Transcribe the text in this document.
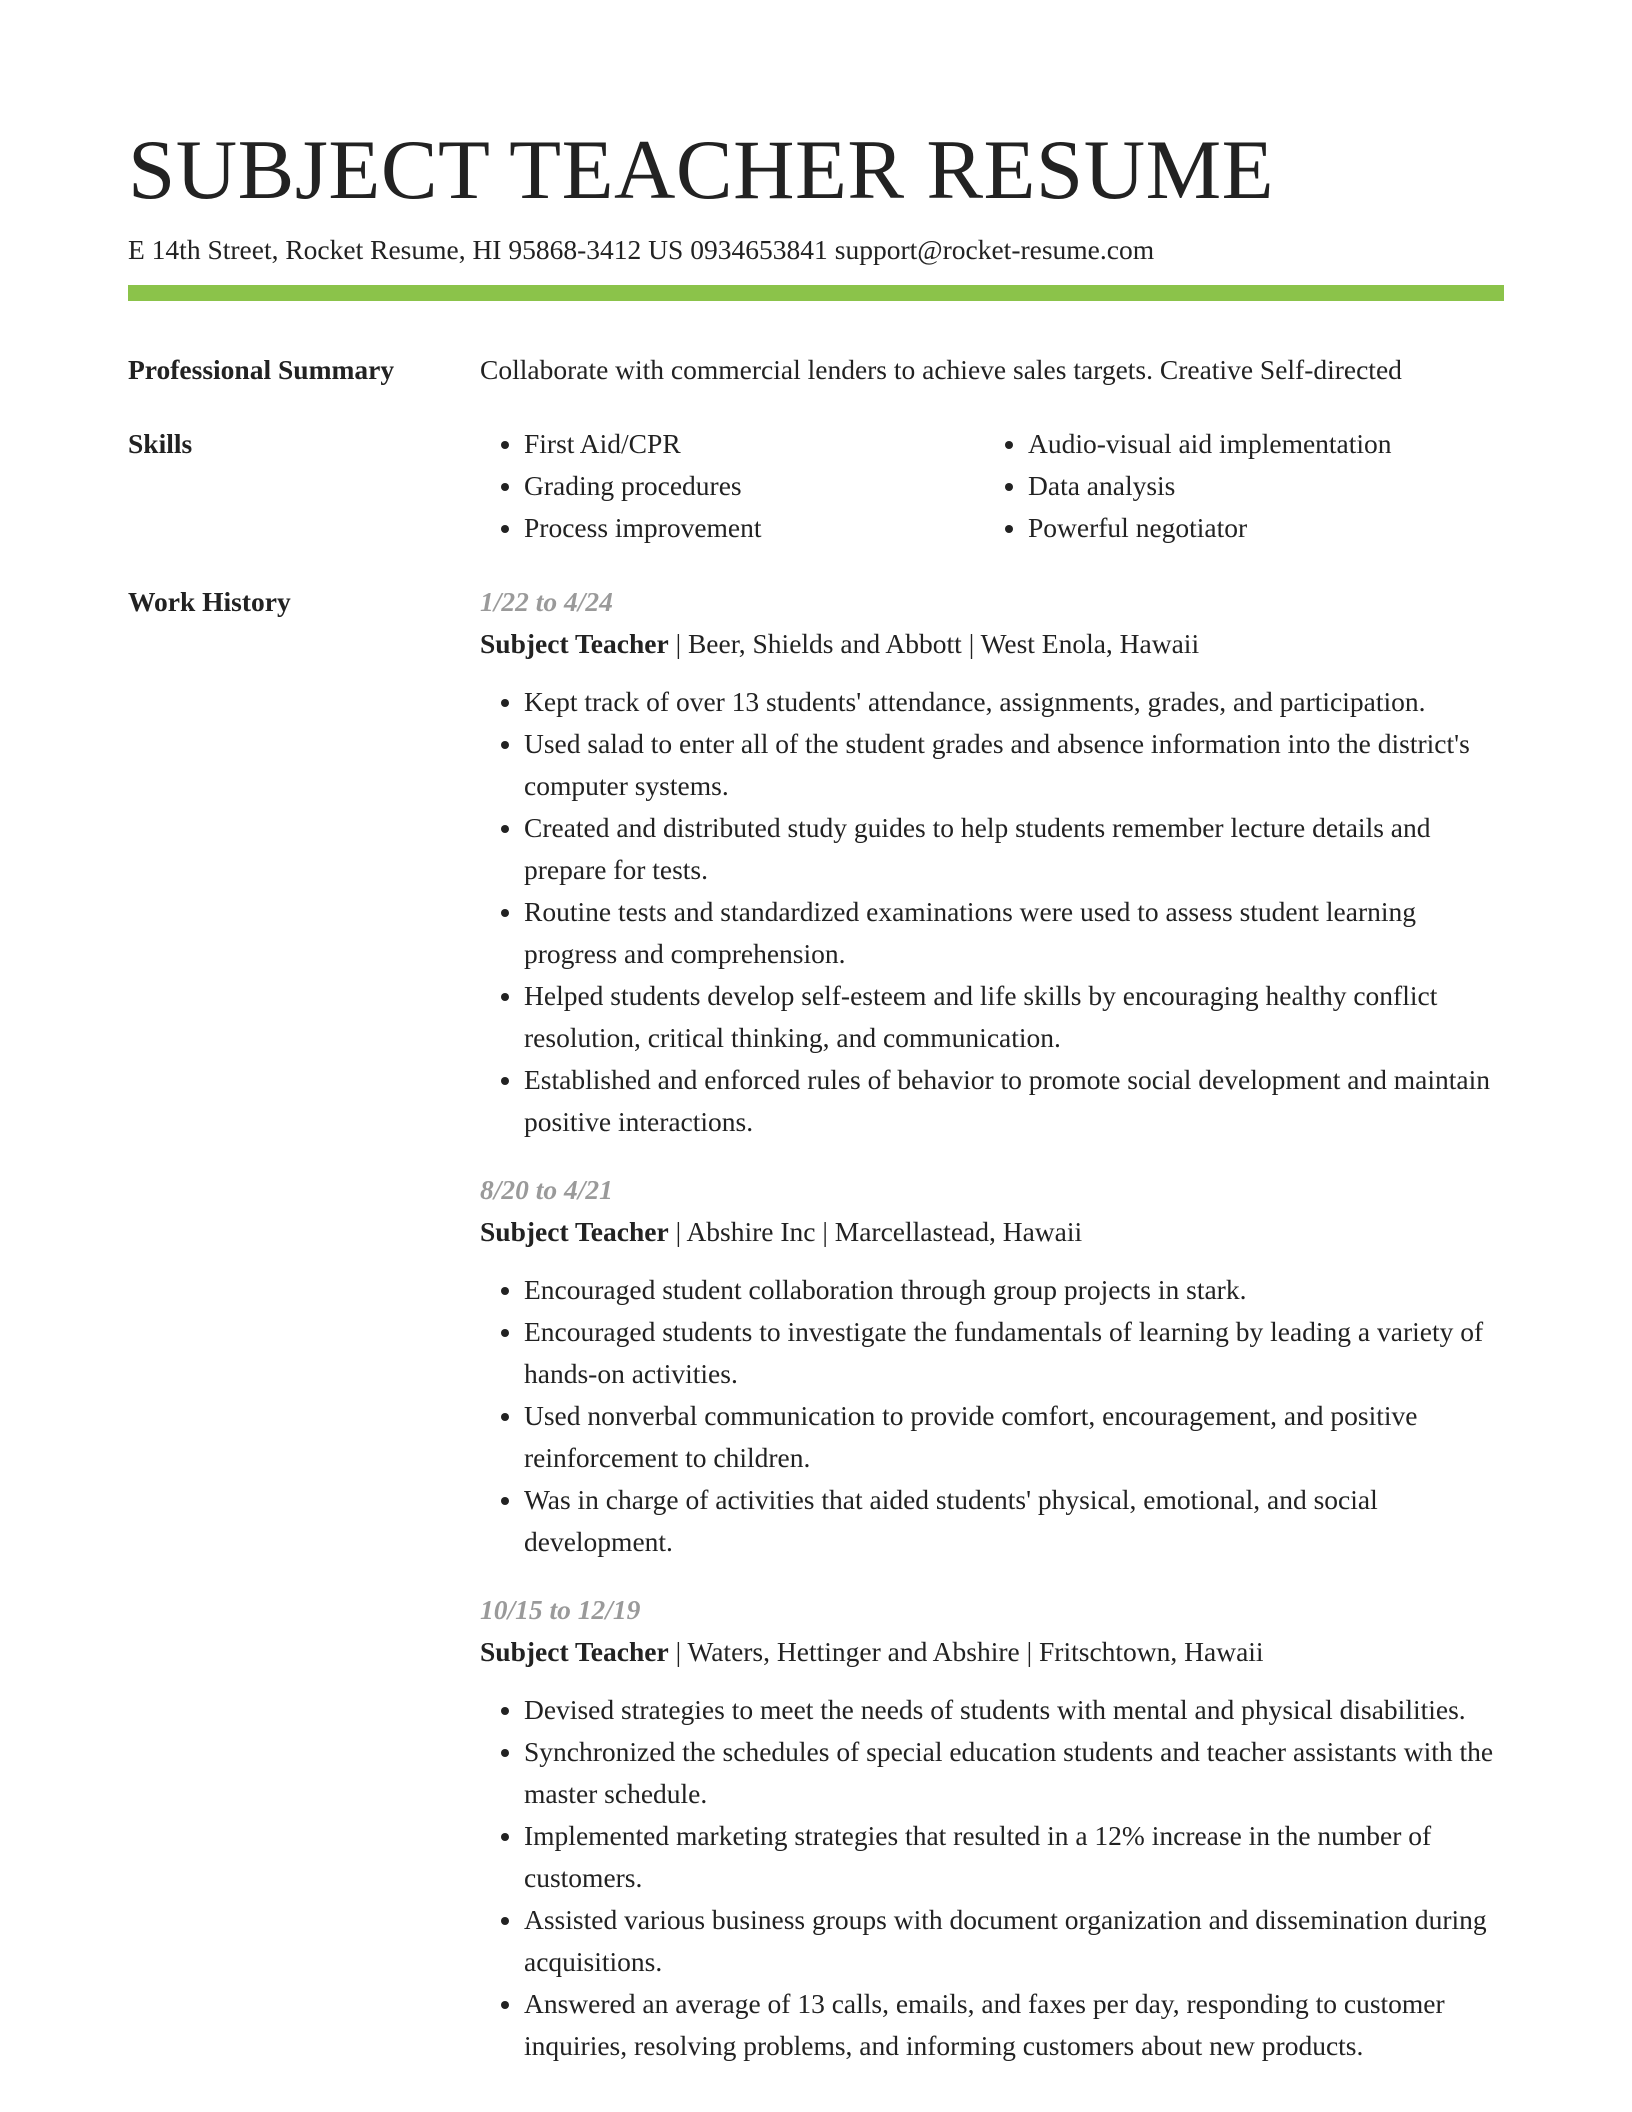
SUBJECT TEACHER RESUME
E 14th Street, Rocket Resume, HI 95868-3412 US 0934653841 support@rocket-resume.com
Professional Summary	Collaborate with commercial lenders to achieve sales targets. Creative Self-directed
Skills
•	First Aid/CPR
• Grading procedures
• Process improvement
• Audio-visual aid implementation
• Data analysis
• Powerful negotiator
Work History	1/22 to 4/24
Subject Teacher | Beer, Shields and Abbott | West Enola, Hawaii
• Kept track of over 13 students' attendance, assignments, grades, and participation.
• Used salad to enter all of the student grades and absence information into the district's computer systems.
• Created and distributed study guides to help students remember lecture details and prepare for tests.
• Routine tests and standardized examinations were used to assess student learning progress and comprehension.
• Helped students develop self-esteem and life skills by encouraging healthy conflict resolution, critical thinking, and communication.
• Established and enforced rules of behavior to promote social development and maintain positive interactions.
8/20 to 4/21
Subject Teacher | Abshire Inc | Marcellastead, Hawaii
• Encouraged student collaboration through group projects in stark.
• Encouraged students to investigate the fundamentals of learning by leading a variety of hands-on activities.
• Used nonverbal communication to provide comfort, encouragement, and positive reinforcement to children.
• Was in charge of activities that aided students' physical, emotional, and social development.
10/15 to 12/19
Subject Teacher | Waters, Hettinger and Abshire | Fritschtown, Hawaii
• Devised strategies to meet the needs of students with mental and physical disabilities.
• Synchronized the schedules of special education students and teacher assistants with the master schedule.
• Implemented marketing strategies that resulted in a 12% increase in the number of customers.
• Assisted various business groups with document organization and dissemination during acquisitions.
• Answered an average of 13 calls, emails, and faxes per day, responding to customer inquiries, resolving problems, and informing customers about new products.
